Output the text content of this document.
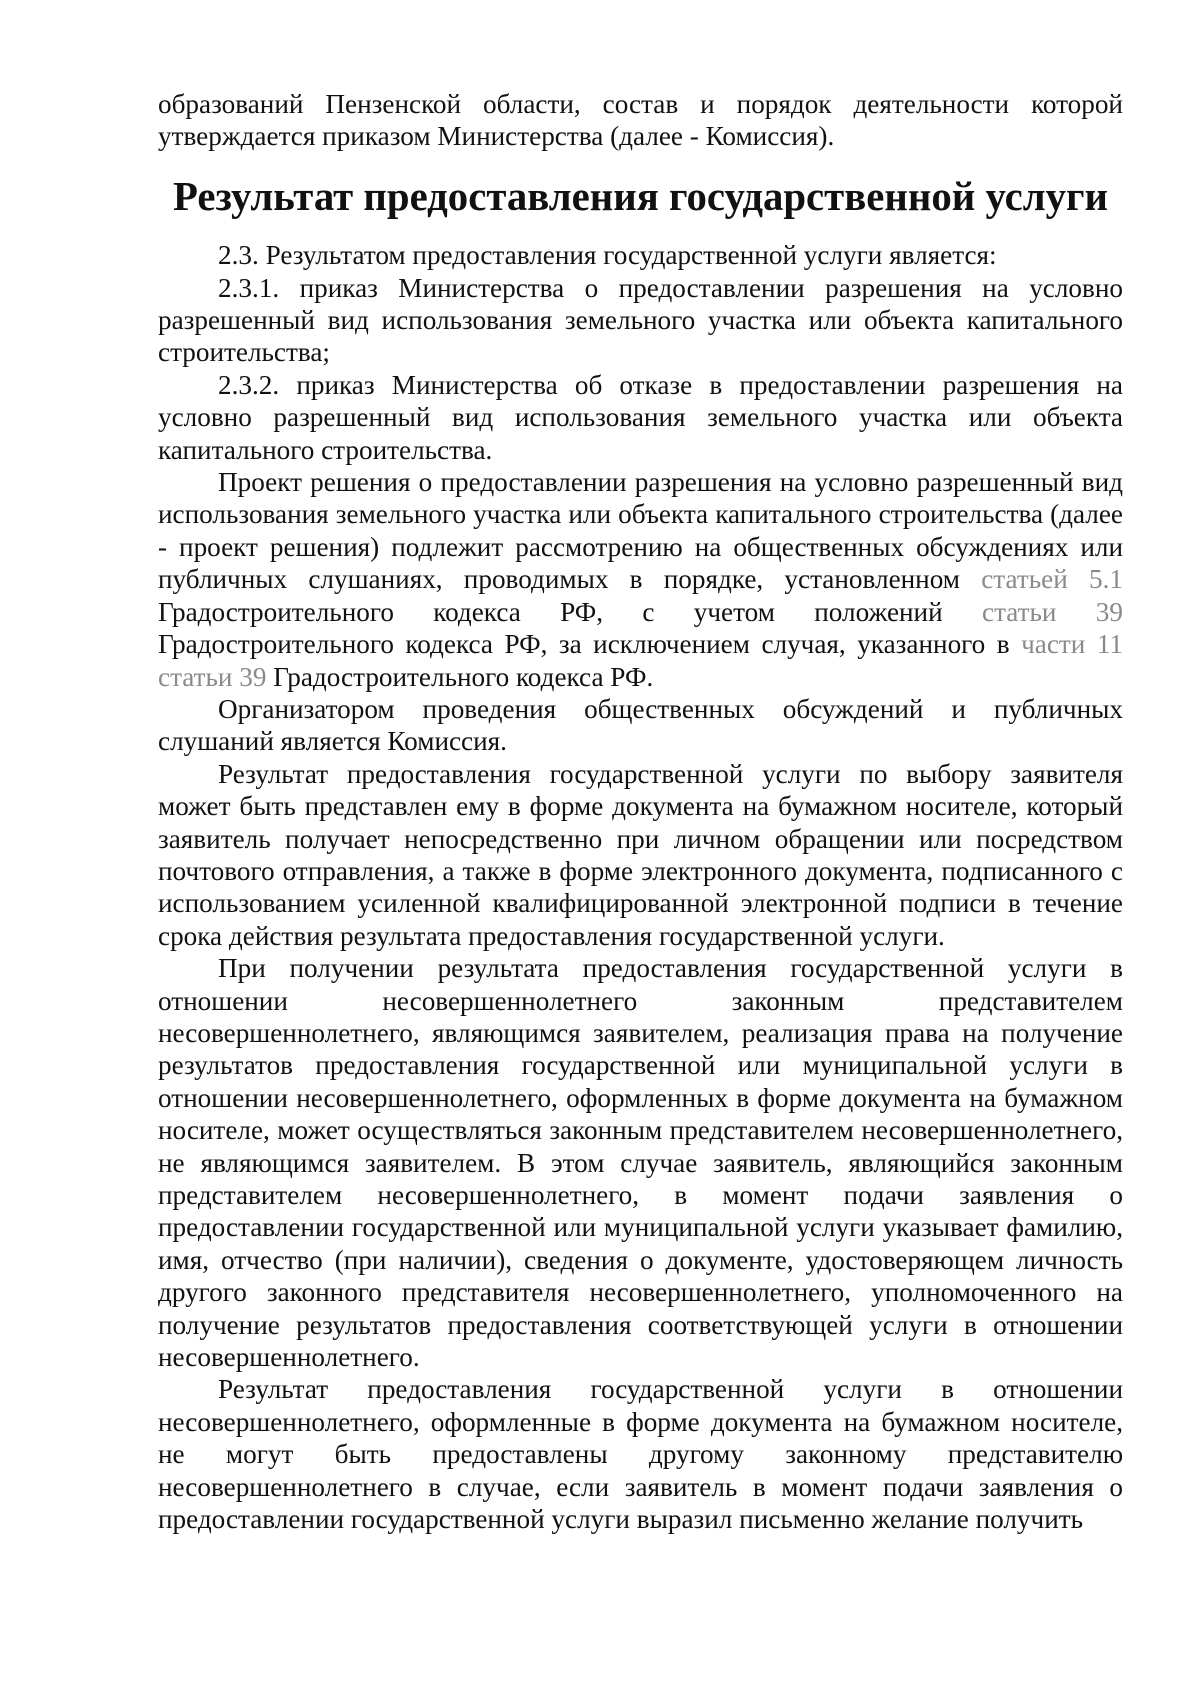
образований Пензенской области, состав и порядок деятельности которой утверждается приказом Министерства (далее - Комиссия).

Результат предоставления государственной услуги

2.3. Результатом предоставления государственной услуги является:

2.3.1. приказ Министерства о предоставлении разрешения на условно разрешенный вид использования земельного участка или объекта капитального строительства;

2.3.2. приказ Министерства об отказе в предоставлении разрешения на условно разрешенный вид использования земельного участка или объекта капитального строительства.

Проект решения о предоставлении разрешения на условно разрешенный вид использования земельного участка или объекта капитального строительства (далее - проект решения) подлежит рассмотрению на общественных обсуждениях или публичных слушаниях, проводимых в порядке, установленном статьей 5.1 Градостроительного кодекса РФ, с учетом положений статьи 39 Градостроительного кодекса РФ, за исключением случая, указанного в части 11 статьи 39 Градостроительного кодекса РФ.

Организатором проведения общественных обсуждений и публичных слушаний является Комиссия.

Результат предоставления государственной услуги по выбору заявителя может быть представлен ему в форме документа на бумажном носителе, который заявитель получает непосредственно при личном обращении или посредством почтового отправления, а также в форме электронного документа, подписанного с использованием усиленной квалифицированной электронной подписи в течение срока действия результата предоставления государственной услуги.

При получении результата предоставления государственной услуги в отношении несовершеннолетнего законным представителем несовершеннолетнего, являющимся заявителем, реализация права на получение результатов предоставления государственной или муниципальной услуги в отношении несовершеннолетнего, оформленных в форме документа на бумажном носителе, может осуществляться законным представителем несовершеннолетнего, не являющимся заявителем. В этом случае заявитель, являющийся законным представителем несовершеннолетнего, в момент подачи заявления о предоставлении государственной или муниципальной услуги указывает фамилию, имя, отчество (при наличии), сведения о документе, удостоверяющем личность другого законного представителя несовершеннолетнего, уполномоченного на получение результатов предоставления соответствующей услуги в отношении несовершеннолетнего.

Результат предоставления государственной услуги в отношении несовершеннолетнего, оформленные в форме документа на бумажном носителе, не могут быть предоставлены другому законному представителю несовершеннолетнего в случае, если заявитель в момент подачи заявления о предоставлении государственной услуги выразил письменно желание получить
